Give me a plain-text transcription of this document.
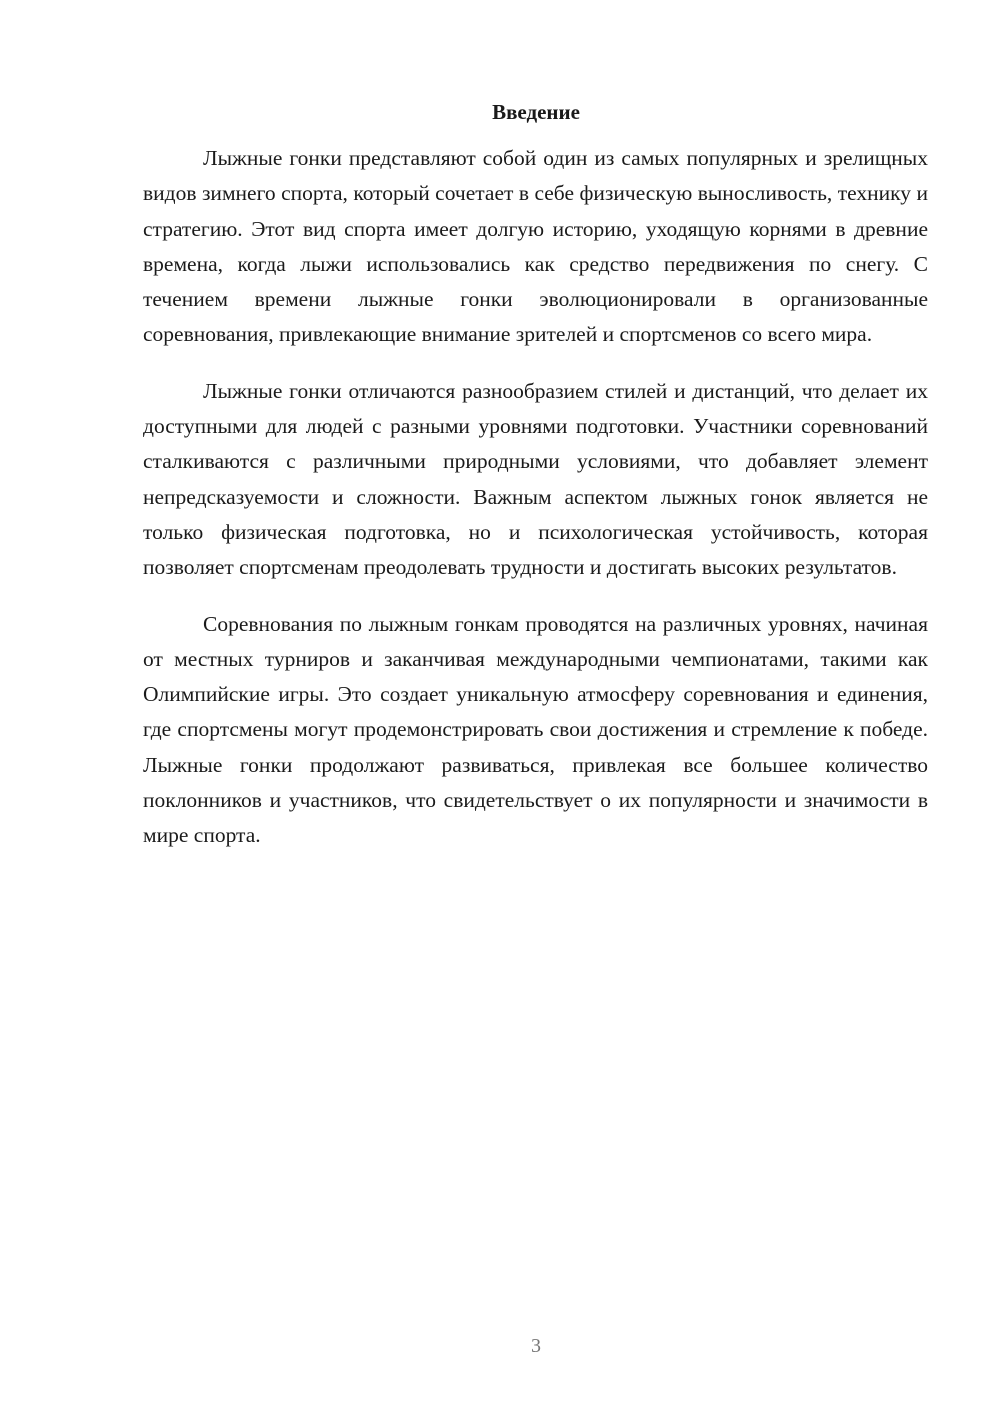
Введение

Лыжные гонки представляют собой один из самых популярных и зрелищных видов зимнего спорта, который сочетает в себе физическую выносливость, технику и стратегию. Этот вид спорта имеет долгую историю, уходящую корнями в древние времена, когда лыжи использовались как средство передвижения по снегу. С течением времени лыжные гонки эволюционировали в организованные соревнования, привлекающие внимание зрителей и спортсменов со всего мира.

Лыжные гонки отличаются разнообразием стилей и дистанций, что делает их доступными для людей с разными уровнями подготовки. Участники соревнований сталкиваются с различными природными условиями, что добавляет элемент непредсказуемости и сложности. Важным аспектом лыжных гонок является не только физическая подготовка, но и психологическая устойчивость, которая позволяет спортсменам преодолевать трудности и достигать высоких результатов.

Соревнования по лыжным гонкам проводятся на различных уровнях, начиная от местных турниров и заканчивая международными чемпионатами, такими как Олимпийские игры. Это создает уникальную атмосферу соревнования и единения, где спортсмены могут продемонстрировать свои достижения и стремление к победе. Лыжные гонки продолжают развиваться, привлекая все большее количество поклонников и участников, что свидетельствует о их популярности и значимости в мире спорта.

3
